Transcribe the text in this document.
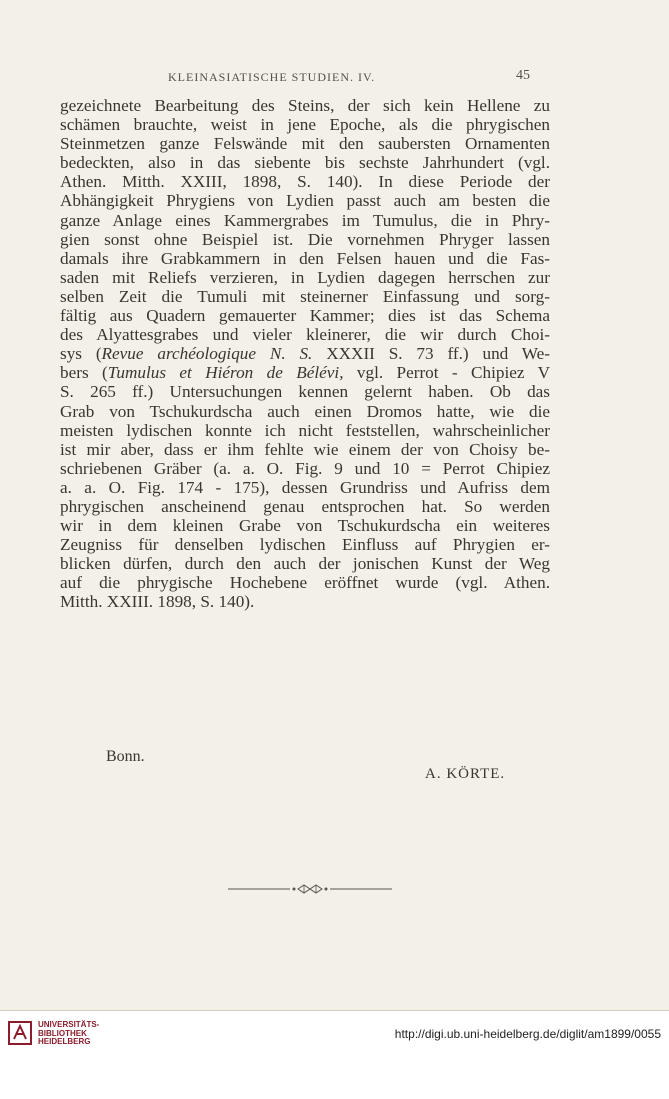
KLEINASIATISCHE STUDIEN. IV.	45
gezeichnete Bearbeitung des Steins, der sich kein Hellene zu
schämen brauchte, weist in jene Epoche, als die phrygischen
Steinmetzen ganze Felswände mit den saubersten Ornamenten
bedeckten, also in das siebente bis sechste Jahrhundert (vgl.
Athen. Mitth. XXIII, 1898, S. 140). In diese Periode der
Abhängigkeit Phrygiens von Lydien passt auch am besten die
ganze Anlage eines Kammergrabes im Tumulus, die in Phry-
gien sonst ohne Beispiel ist. Die vornehmen Phryger lassen
damals ihre Grabkammern in den Felsen hauen und die Fas-
saden mit Reliefs verzieren, in Lydien dagegen herrschen zur
selben Zeit die Tumuli mit steinerner Einfassung und sorg-
fältig aus Quadern gemauerter Kammer; dies ist das Schema
des Alyattesgrabes und vieler kleinerer, die wir durch Choi-
sys (Revue archéologique N. S. XXXII S. 73 ff.) und We-
bers (Tumulus et Hiéron de Bélévi, vgl. Perrot - Chipiez V
S. 265 ff.) Untersuchungen kennen gelernt haben. Ob das
Grab von Tschukurdscha auch einen Dromos hatte, wie die
meisten lydischen konnte ich nicht feststellen, wahrscheinlicher
ist mir aber, dass er ihm fehlte wie einem der von Choisy be-
schriebenen Gräber (a. a. O. Fig. 9 und 10 = Perrot Chipiez
a. a. O. Fig. 174 - 175), dessen Grundriss und Aufriss dem
phrygischen anscheinend genau entsprochen hat. So werden
wir in dem kleinen Grabe von Tschukurdscha ein weiteres
Zeugniss für denselben lydischen Einfluss auf Phrygien er-
blicken dürfen, durch den auch der jonischen Kunst der Weg
auf die phrygische Hochebene eröffnet wurde (vgl. Athen.
Mitth. XXIII. 1898, S. 140).
Bonn.
A. KÖRTE.
UNIVERSITÄTS-
BIBLIOTHEK
HEIDELBERG
http://digi.ub.uni-heidelberg.de/diglit/am1899/0055
